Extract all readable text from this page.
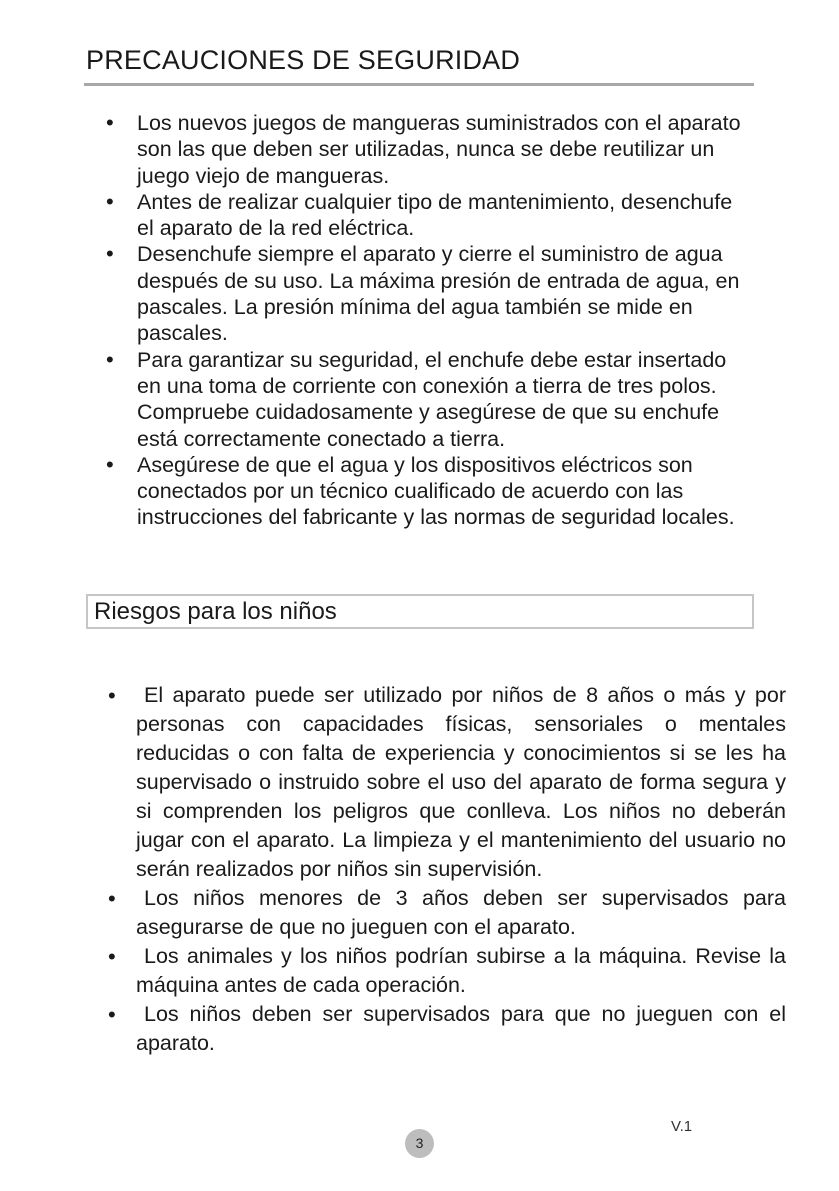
PRECAUCIONES DE SEGURIDAD
• Los nuevos juegos de mangueras suministrados con el aparato son las que deben ser utilizadas, nunca se debe reutilizar un juego viejo de mangueras.
• Antes de realizar cualquier tipo de mantenimiento, desenchufe el aparato de la red eléctrica.
• Desenchufe siempre el aparato y cierre el suministro de agua después de su uso. La máxima presión de entrada de agua, en pascales. La presión mínima del agua también se mide en pascales.
• Para garantizar su seguridad, el enchufe debe estar insertado en una toma de corriente con conexión a tierra de tres polos. Compruebe cuidadosamente y asegúrese de que su enchufe está correctamente conectado a tierra.
• Asegúrese de que el agua y los dispositivos eléctricos son conectados por un técnico cualificado de acuerdo con las instrucciones del fabricante y las normas de seguridad locales.
Riesgos para los niños
• El aparato puede ser utilizado por niños de 8 años o más y por personas con capacidades físicas, sensoriales o mentales reducidas o con falta de experiencia y conocimientos si se les ha supervisado o instruido sobre el uso del aparato de forma segura y si comprenden los peligros que conlleva. Los niños no deberán jugar con el aparato. La limpieza y el mantenimiento del usuario no serán realizados por niños sin supervisión.
• Los niños menores de 3 años deben ser supervisados para asegurarse de que no jueguen con el aparato.
• Los animales y los niños podrían subirse a la máquina. Revise la máquina antes de cada operación.
• Los niños deben ser supervisados para que no jueguen con el aparato.
V.1
3
